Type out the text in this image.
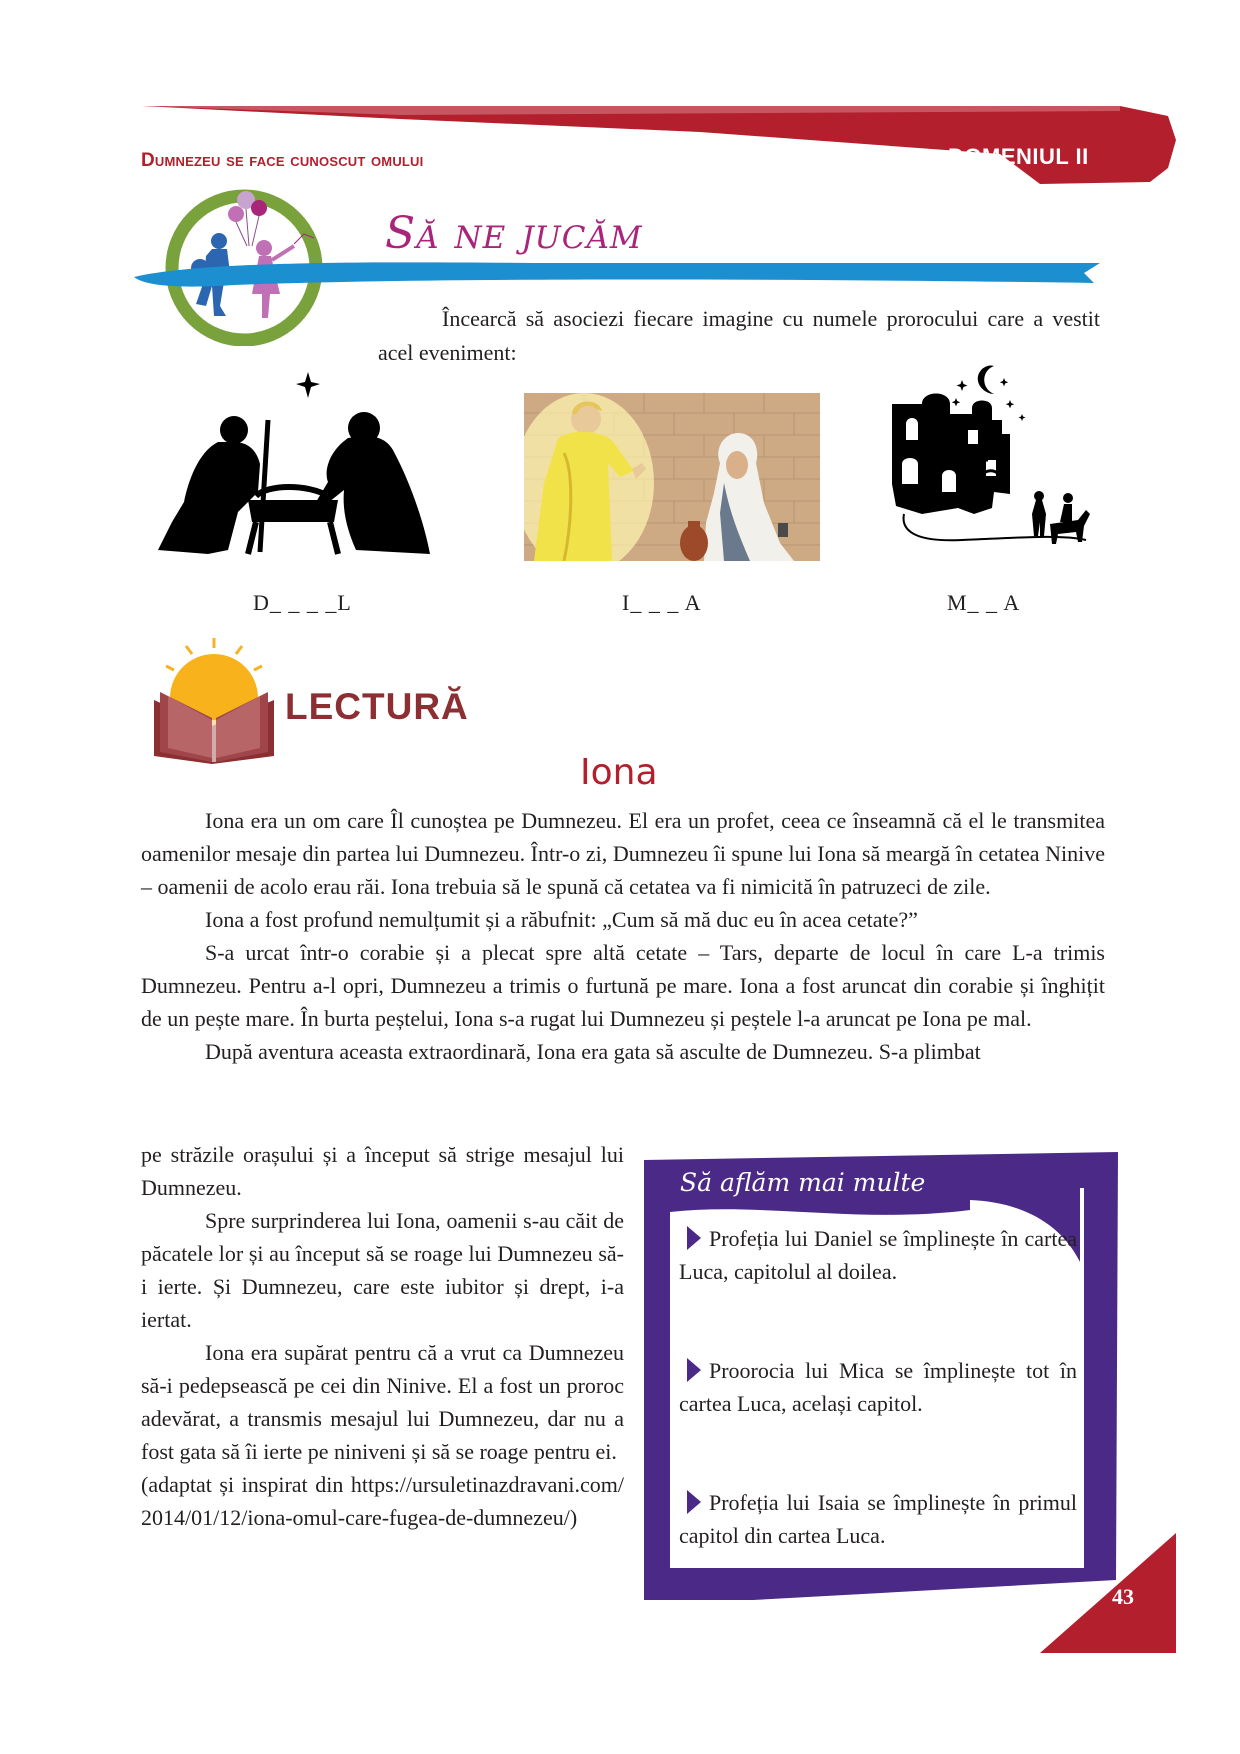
Dumnezeu se face cunoscut omului	DOMENIUL II
Să ne jucăm
Încearcă să asociezi fiecare imagine cu numele prorocului care a vestit acel eveniment:
D_ _ _ _L	I_ _ _ A	M_ _ A
LECTURĂ
Iona

Iona era un om care Îl cunoștea pe Dumnezeu. El era un profet, ceea ce înseamnă că el le transmitea oamenilor mesaje din partea lui Dumnezeu. Într-o zi, Dumnezeu îi spune lui Iona să meargă în cetatea Ninive – oamenii de acolo erau răi. Iona trebuia să le spună că cetatea va fi nimicită în patruzeci de zile.

Iona a fost profund nemulțumit și a răbufnit: „Cum să mă duc eu în acea cetate?”

S-a urcat într-o corabie și a plecat spre altă cetate – Tars, departe de locul în care L-a trimis Dumnezeu. Pentru a-l opri, Dumnezeu a trimis o furtună pe mare. Iona a fost aruncat din corabie și înghițit de un pește mare. În burta peștelui, Iona s-a rugat lui Dumnezeu și peștele l-a aruncat pe Iona pe mal.

După aventura aceasta extraordinară, Iona era gata să asculte de Dumnezeu. S-a plimbat

pe străzile orașului și a început să strige mesajul lui Dumnezeu.

Spre surprinderea lui Iona, oamenii s-au căit de păcatele lor și au început să se roage lui Dumnezeu să-i ierte. Și Dumnezeu, care este iubitor și drept, i-a iertat.

Iona era supărat pentru că a vrut ca Dumnezeu să-i pedepsească pe cei din Ninive. El a fost un proroc adevărat, a transmis mesajul lui Dumnezeu, dar nu a fost gata să îi ierte pe niniveni și să se roage pentru ei.

(adaptat și inspirat din https://ursuletinazdravani.com/2014/01/12/iona-omul-care-fugea-de-dumnezeu/)

Să aflăm mai multe
Profeția lui Daniel se împlinește în cartea Luca, capitolul al doilea.
Proorocia lui Mica se împlinește tot în cartea Luca, același capitol.
Profeția lui Isaia se împlinește în primul capitol din cartea Luca.
43
